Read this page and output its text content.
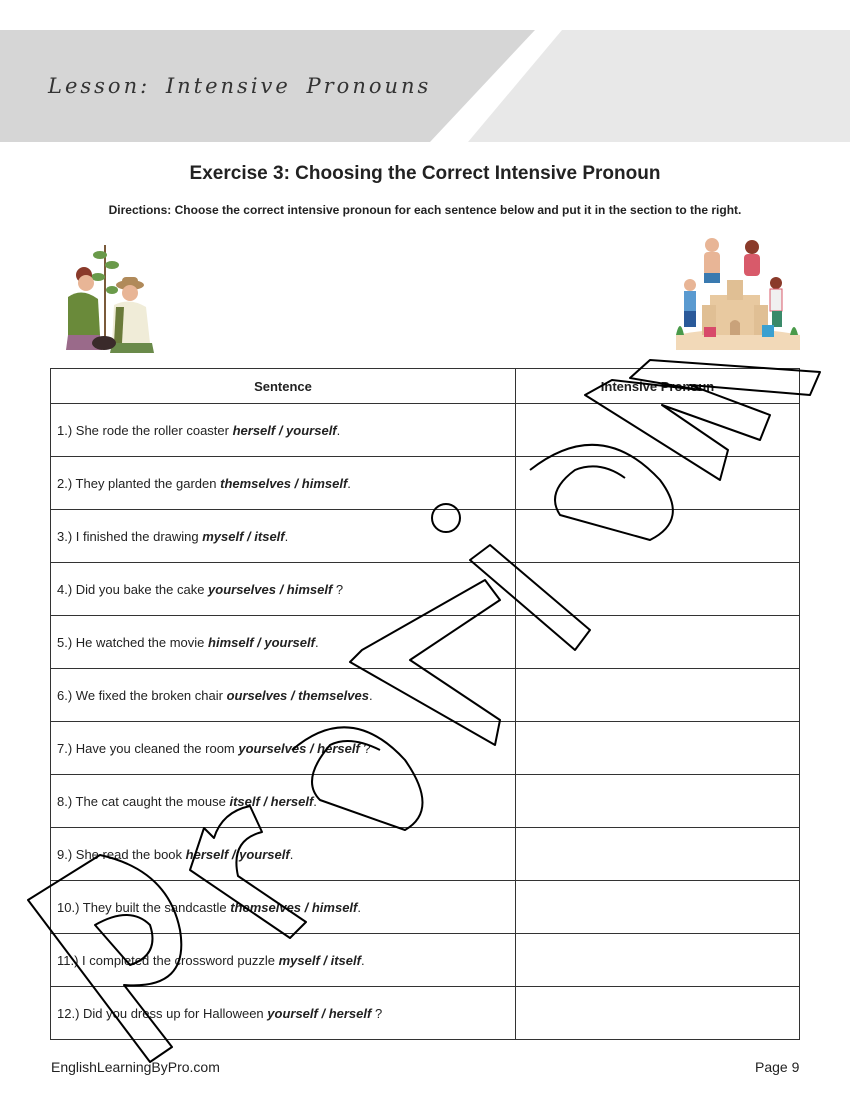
Lesson: Intensive Pronouns
Exercise 3: Choosing the Correct Intensive Pronoun
Directions: Choose the correct intensive pronoun for each sentence below and put it in the section to the right.
Sentence	Intensive Pronoun
1.) She rode the roller coaster herself / yourself.	
2.) They planted the garden themselves / himself.	
3.) I finished the drawing myself / itself.	
4.) Did you bake the cake yourselves / himself ?	
5.) He watched the movie himself / yourself.	
6.) We fixed the broken chair ourselves / themselves.	
7.) Have you cleaned the room yourselves / herself ?	
8.) The cat caught the mouse itself / herself.	
9.) She read the book herself / yourself.	
10.) They built the sandcastle themselves / himself.	
11.) I completed the crossword puzzle myself / itself.	
12.) Did you dress up for Halloween yourself / herself ?	
EnglishLearningByPro.com	Page 9
